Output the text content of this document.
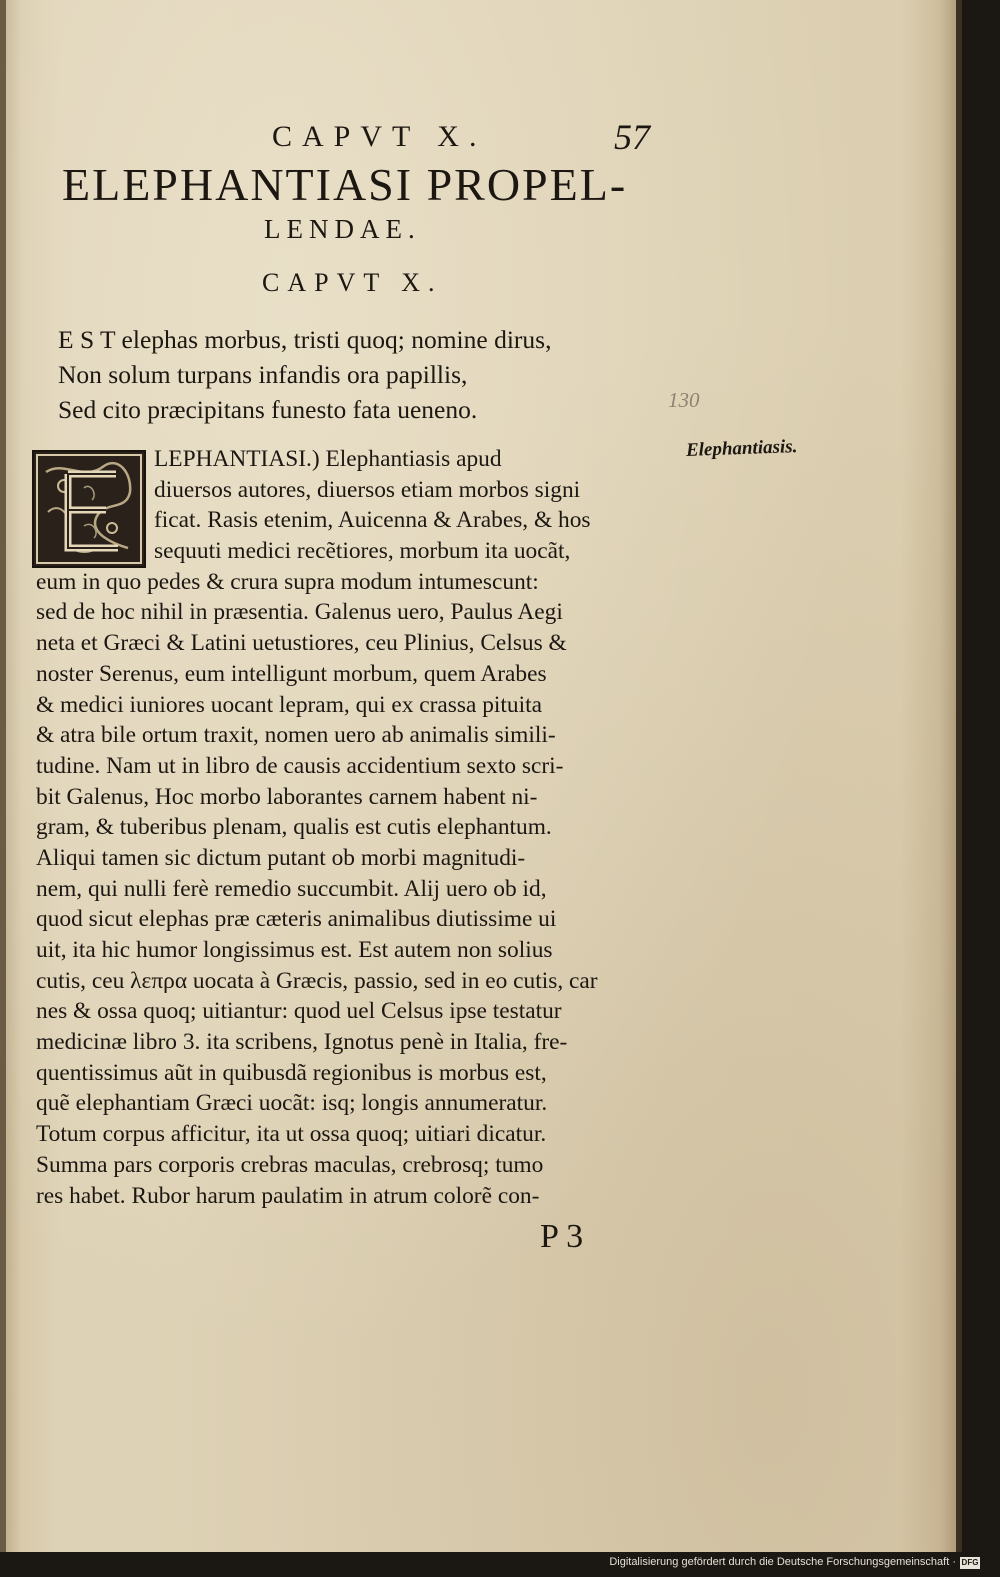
CAPVT X.	57
ELEPHANTIASI PROPEL-
LENDAE.
CAPVT X.
E S T elephas morbus, tristi quoq; nomine dirus,
Non solum turpans infandis ora papillis,
Sed cito præcipitans funesto fata ueneno.	130
Elephantiasis.
LEPHANTIASI.) Elephantiasis apud
diuersos autores, diuersos etiam morbos signi
ficat. Rasis etenim, Auicenna & Arabes, & hos
sequuti medici recẽtiores, morbum ita uocãt,
eum in quo pedes & crura supra modum intumescunt:
sed de hoc nihil in præsentia. Galenus uero, Paulus Aegi
neta et Græci & Latini uetustiores, ceu Plinius, Celsus &
noster Serenus, eum intelligunt morbum, quem Arabes
& medici iuniores uocant lepram, qui ex crassa pituita
& atra bile ortum traxit, nomen uero ab animalis simili-
tudine. Nam ut in libro de causis accidentium sexto scri-
bit Galenus, Hoc morbo laborantes carnem habent ni-
gram, & tuberibus plenam, qualis est cutis elephantum.
Aliqui tamen sic dictum putant ob morbi magnitudi-
nem, qui nulli ferè remedio succumbit. Alij uero ob id,
quod sicut elephas præ cæteris animalibus diutissime ui
uit, ita hic humor longissimus est. Est autem non solius
cutis, ceu λεπρα uocata à Græcis, passio, sed in eo cutis, car
nes & ossa quoq; uitiantur: quod uel Celsus ipse testatur
medicinæ libro 3. ita scribens, Ignotus penè in Italia, fre-
quentissimus aũt in quibusdã regionibus is morbus est,
quẽ elephantiam Græci uocãt: isq; longis annumeratur.
Totum corpus afficitur, ita ut ossa quoq; uitiari dicatur.
Summa pars corporis crebras maculas, crebrosq; tumo
res habet. Rubor harum paulatim in atrum colorẽ con-
P 3
Digitalisierung gefördert durch die Deutsche Forschungsgemeinschaft · DFG
